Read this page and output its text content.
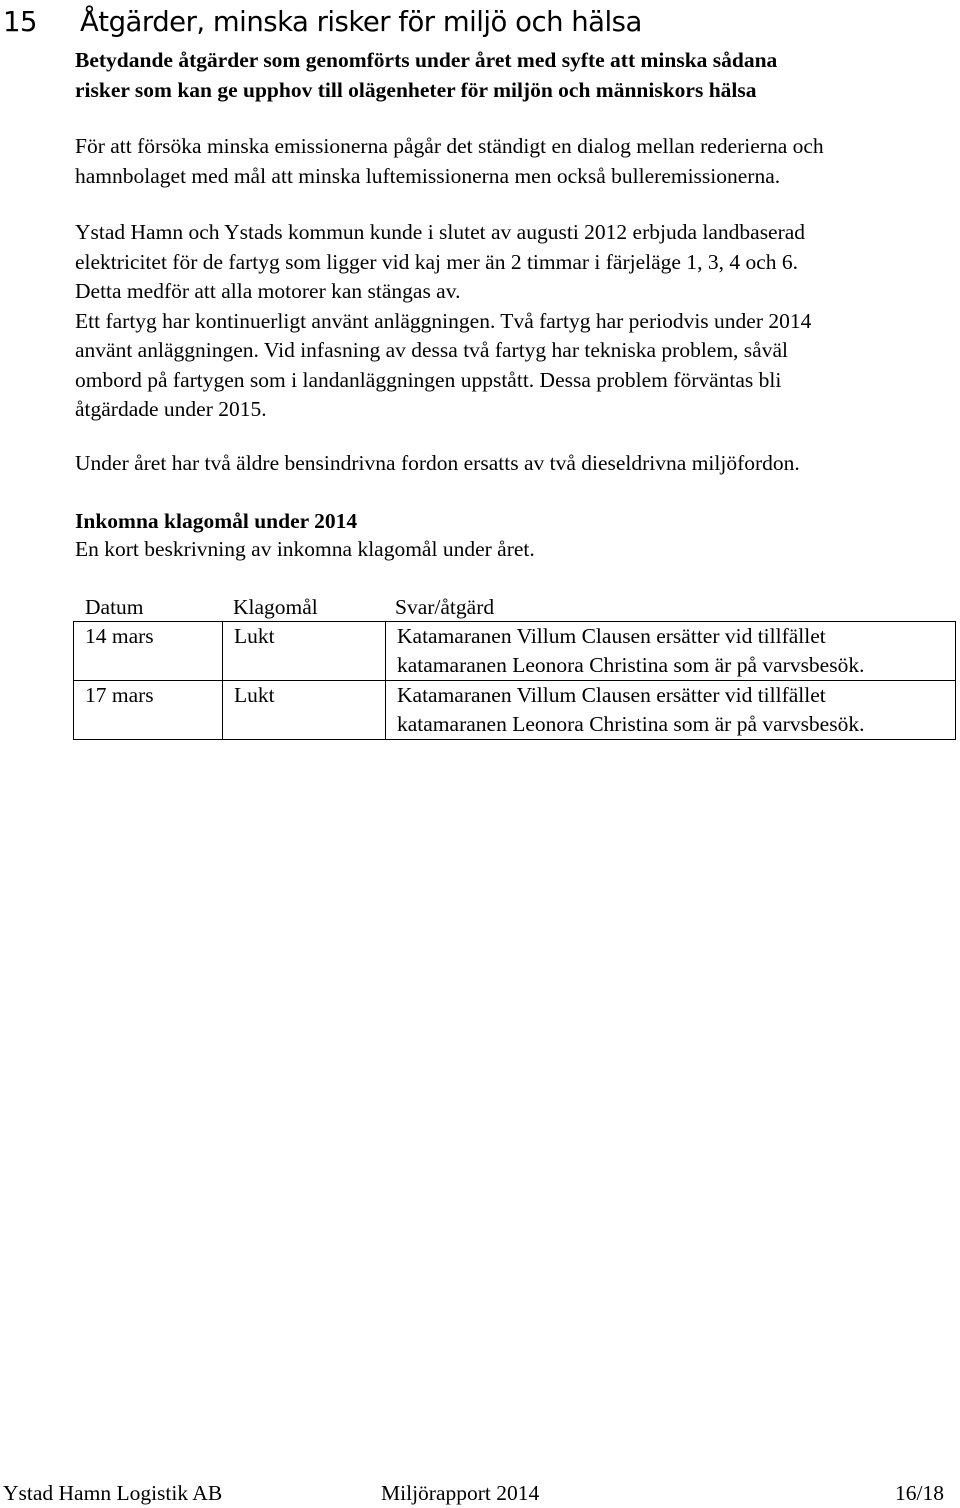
15 Åtgärder, minska risker för miljö och hälsa
Betydande åtgärder som genomförts under året med syfte att minska sådana
risker som kan ge upphov till olägenheter för miljön och människors hälsa
För att försöka minska emissionerna pågår det ständigt en dialog mellan rederierna och
hamnbolaget med mål att minska luftemissionerna men också bulleremissionerna.
Ystad Hamn och Ystads kommun kunde i slutet av augusti 2012 erbjuda landbaserad
elektricitet för de fartyg som ligger vid kaj mer än 2 timmar i färjeläge 1, 3, 4 och 6.
Detta medför att alla motorer kan stängas av.
Ett fartyg har kontinuerligt använt anläggningen. Två fartyg har periodvis under 2014
använt anläggningen. Vid infasning av dessa två fartyg har tekniska problem, såväl
ombord på fartygen som i landanläggningen uppstått. Dessa problem förväntas bli
åtgärdade under 2015.
Under året har två äldre bensindrivna fordon ersatts av två dieseldrivna miljöfordon.
Inkomna klagomål under 2014
En kort beskrivning av inkomna klagomål under året.
Datum	Klagomål	Svar/åtgärd
14 mars	Lukt	Katamaranen Villum Clausen ersätter vid tillfället
katamaranen Leonora Christina som är på varvsbesök.

17 mars	Lukt	Katamaranen Villum Clausen ersätter vid tillfället
katamaranen Leonora Christina som är på varvsbesök.
Ystad Hamn Logistik AB	Miljörapport 2014	16/18
